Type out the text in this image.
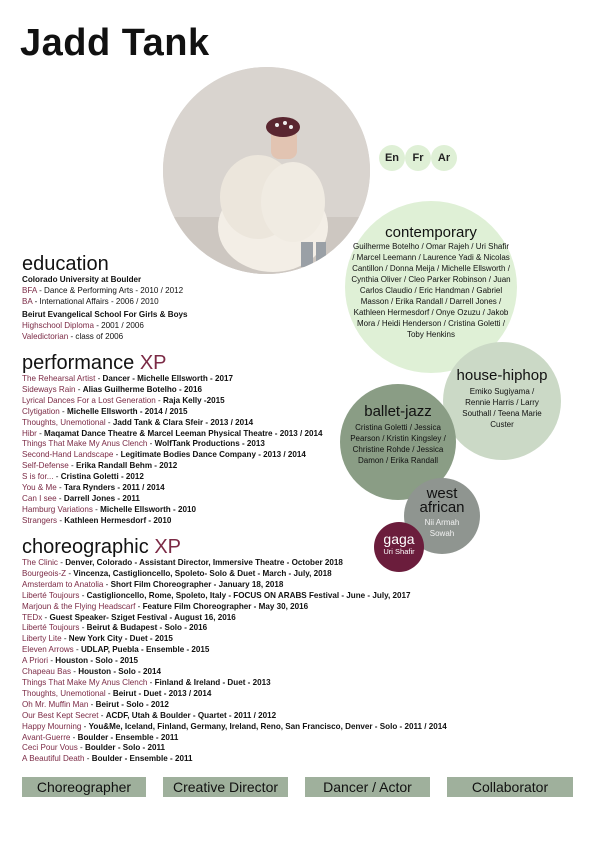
Jadd Tank
En	Fr	Ar
contemporary
Guilherme Botelho / Omar Rajeh / Uri Shafir / Marcel Leemann / Laurence Yadi & Nicolas Cantillon / Donna Meija / Michelle Ellsworth / Cynthia Oliver / Cleo Parker Robinson / Juan Carlos Claudio / Eric Handman / Gabriel Masson / Erika Randall / Darrell Jones / Kathleen Hermesdorf / Onye Ozuzu / Jakob Mora / Heidi Henderson / Cristina Goletti / Toby Henkins
house-hiphop
Emiko Sugiyama / Rennie Harris / Larry Southall / Teena Marie Custer
ballet-jazz
Cristina Goletti / Jessica Pearson / Kristin Kingsley / Christine Rohde / Jessica Damon / Erika Randall
west
african
Nii Armah Sowah
gaga
Uri Shafir
education
Colorado University at Boulder
BFA - Dance & Performing Arts - 2010 / 2012
BA - International Affairs - 2006 / 2010
Beirut Evangelical School For Girls & Boys
Highschool Diploma - 2001 / 2006
Valedictorian - class of 2006
performance XP
The Rehearsal Artist - Dancer - Michelle Ellsworth - 2017
Sideways Rain - Alias Guilherme Botelho - 2016
Lyrical Dances For a Lost Generation - Raja Kelly -2015
Clytigation - Michelle Ellsworth - 2014 / 2015
Thoughts, Unemotional - Jadd Tank & Clara Sfeir - 2013 / 2014
Hibr - Maqamat Dance Theatre & Marcel Leeman Physical Theatre - 2013 / 2014
Things That Make My Anus Clench - WolfTank Productions - 2013
Second-Hand Landscape - Legitimate Bodies Dance Company - 2013 / 2014
Self-Defense - Erika Randall Behm - 2012
S is for... - Cristina Goletti - 2012
You & Me - Tara Rynders - 2011 / 2014
Can I see - Darrell Jones - 2011
Hamburg Variations - Michelle Ellsworth - 2010
Strangers - Kathleen Hermesdorf - 2010
choreographic XP
The Clinic - Denver, Colorado - Assistant Director, Immersive Theatre - October 2018
Bourgeois-Z - Vincenza, Castiglioncello, Spoleto- Solo & Duet - March - July, 2018
Amsterdam to Anatolia - Short Film Choreographer - January 18, 2018
Liberté Toujours - Castiglioncello, Rome, Spoleto, Italy - FOCUS ON ARABS Festival - June - July, 2017
Marjoun & the Flying Headscarf - Feature Film Choreographer - May 30, 2016
TEDx - Guest Speaker- Sziget Festival - August 16, 2016
Liberté Toujours - Beirut & Budapest - Solo - 2016
Liberty Lite - New York City - Duet - 2015
Eleven Arrows - UDLAP, Puebla - Ensemble - 2015
A Priori - Houston - Solo - 2015
Chapeau Bas - Houston - Solo - 2014
Things That Make My Anus Clench - Finland & Ireland - Duet - 2013
Thoughts, Unemotional - Beirut - Duet - 2013 / 2014
Oh Mr. Muffin Man - Beirut - Solo - 2012
Our Best Kept Secret - ACDF, Utah & Boulder - Quartet - 2011 / 2012
Happy Mourning - You&Me, Iceland, Finland, Germany, Ireland, Reno, San Francisco, Denver - Solo - 2011 / 2014
Avant-Guerre - Boulder - Ensemble - 2011
Ceci Pour Vous - Boulder - Solo - 2011
A Beautiful Death - Boulder - Ensemble - 2011
Choreographer	Creative Director	Dancer / Actor	Collaborator
